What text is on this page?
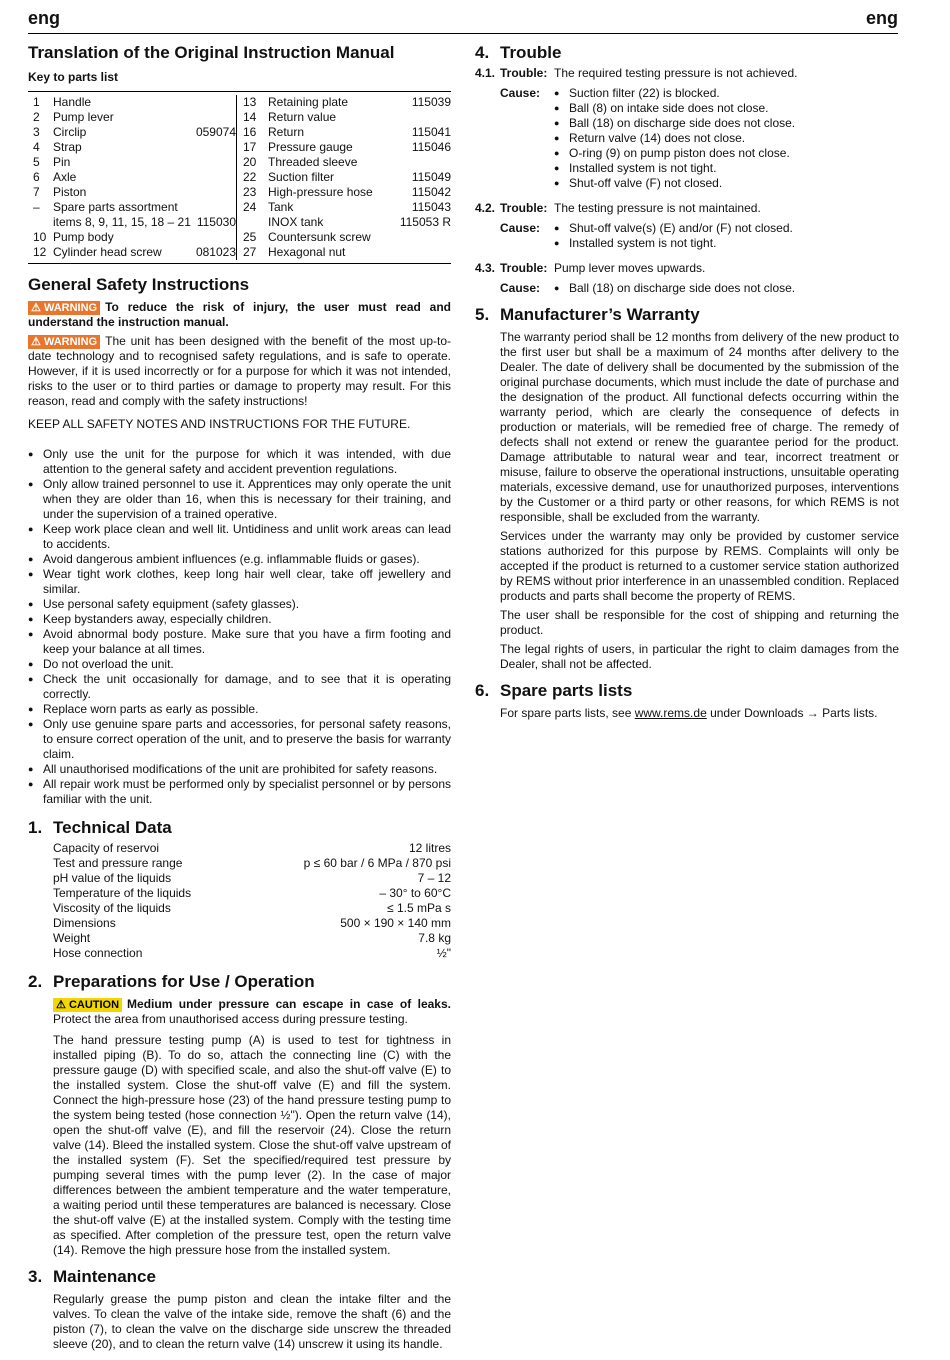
eng	eng
Translation of the Original Instruction Manual
Key to parts list
1	Handle
2	Pump lever
3	Circlip	059074
4	Strap
5	Pin
6	Axle
7	Piston
–	Spare parts assortment
items 8, 9, 11, 15, 18 – 21 115030
10 Pump body
12 Cylinder head screw	081023
13 Retaining plate	115039
14 Return value
16 Return	115041
17 Pressure gauge	115046
20 Threaded sleeve
22 Suction filter	115049
23 High-pressure hose	115042
24 Tank	115043
INOX tank	115053 R
25 Countersunk screw
27 Hexagonal nut
General Safety Instructions

⚠ WARNING To reduce the risk of injury, the user must read and understand the instruction manual.

⚠ WARNING The unit has been designed with the benefit of the most up-to-date technology and to recognised safety regulations, and is safe to operate. However, if it is used incorrectly or for a purpose for which it was not intended, risks to the user or to third parties or damage to property may result. For this reason, read and comply with the safety instructions!

KEEP ALL SAFETY NOTES AND INSTRUCTIONS FOR THE FUTURE.

● Only use the unit for the purpose for which it was intended, with due attention to the general safety and accident prevention regulations.
● Only allow trained personnel to use it. Apprentices may only operate the unit when they are older than 16, when this is necessary for their training, and under the supervision of a trained operative.
● Keep work place clean and well lit. Untidiness and unlit work areas can lead to accidents.
● Avoid dangerous ambient influences (e.g. inflammable fluids or gases).
● Wear tight work clothes, keep long hair well clear, take off jewellery and similar.
● Use personal safety equipment (safety glasses).
● Keep bystanders away, especially children.
● Avoid abnormal body posture. Make sure that you have a firm footing and keep your balance at all times.
● Do not overload the unit.
● Check the unit occasionally for damage, and to see that it is operating correctly.
● Replace worn parts as early as possible.
● Only use genuine spare parts and accessories, for personal safety reasons, to ensure correct operation of the unit, and to preserve the basis for warranty claim.
● All unauthorised modifications of the unit are prohibited for safety reasons.
● All repair work must be performed only by specialist personnel or by persons familiar with the unit.
1. Technical Data
Capacity of reservoi	12 litres
Test and pressure range	p ≤ 60 bar / 6 MPa / 870 psi
pH value of the liquids	7 – 12
Temperature of the liquids	– 30° to 60°C
Viscosity of the liquids	≤ 1.5 mPa s
Dimensions	500 × 190 × 140 mm
Weight	7.8 kg
Hose connection	½"
2. Preparations for Use / Operation

⚠ CAUTION Medium under pressure can escape in case of leaks. Protect the area from unauthorised access during pressure testing.

The hand pressure testing pump (A) is used to test for tightness in installed piping (B). To do so, attach the connecting line (C) with the pressure gauge (D) with specified scale, and also the shut-off valve (E) to the installed system. Close the shut-off valve (E) and fill the system. Connect the high-pressure hose (23) of the hand pressure testing pump to the system being tested (hose connection ½"). Open the return valve (14), open the shut-off valve (E), and fill the reservoir (24). Close the return valve (14). Bleed the installed system. Close the shut-off valve upstream of the installed system (F). Set the specified/required test pressure by pumping several times with the pump lever (2). In the case of major differences between the ambient temperature and the water temperature, a waiting period until these temperatures are balanced is necessary. Close the shut-off valve (E) at the installed system. Comply with the testing time as specified. After completion of the pressure test, open the return valve (14). Remove the high pressure hose from the installed system.

3. Maintenance

Regularly grease the pump piston and clean the intake filter and the valves. To clean the valve of the intake side, remove the shaft (6) and the piston (7), to clean the valve on the discharge side unscrew the threaded sleeve (20), and to clean the return valve (14) unscrew it using its handle.

4. Trouble
4.1. Trouble: The required testing pressure is not achieved.
Cause:	● Suction filter (22) is blocked.
● Ball (8) on intake side does not close.
● Ball (18) on discharge side does not close.
● Return valve (14) does not close.
● O-ring (9) on pump piston does not close.
● Installed system is not tight.
● Shut-off valve (F) not closed.
4.2. Trouble: The testing pressure is not maintained.
Cause:	● Shut-off valve(s) (E) and/or (F) not closed.
● Installed system is not tight.
4.3. Trouble: Pump lever moves upwards.
Cause:	● Ball (18) on discharge side does not close.
5. Manufacturer’s Warranty

The warranty period shall be 12 months from delivery of the new product to the first user but shall be a maximum of 24 months after delivery to the Dealer. The date of delivery shall be documented by the submission of the original purchase documents, which must include the date of purchase and the designation of the product. All functional defects occurring within the warranty period, which are clearly the consequence of defects in production or materials, will be remedied free of charge. The remedy of defects shall not extend or renew the guarantee period for the product. Damage attributable to natural wear and tear, incorrect treatment or misuse, failure to observe the operational instructions, unsuitable operating materials, excessive demand, use for unauthorized purposes, interventions by the Customer or a third party or other reasons, for which REMS is not responsible, shall be excluded from the warranty.

Services under the warranty may only be provided by customer service stations authorized for this purpose by REMS. Complaints will only be accepted if the product is returned to a customer service station authorized by REMS without prior interference in an unassembled condition. Replaced products and parts shall become the property of REMS.

The user shall be responsible for the cost of shipping and returning the product.

The legal rights of users, in particular the right to claim damages from the Dealer, shall not be affected.

6. Spare parts lists

For spare parts lists, see www.rems.de under Downloads → Parts lists.
